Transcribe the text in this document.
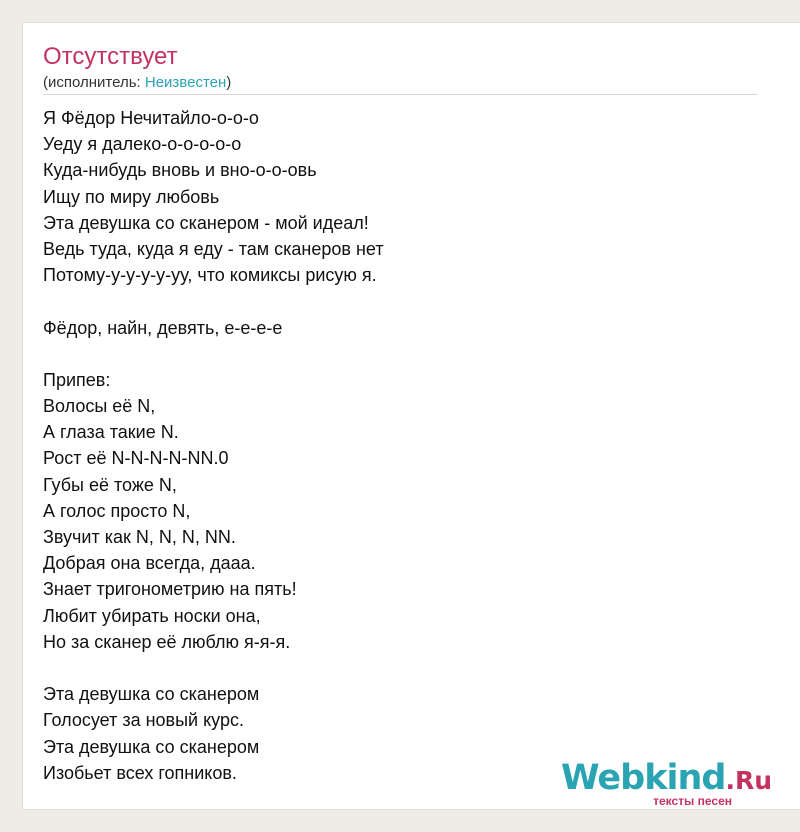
Отсутствует
(исполнитель: Неизвестен)
Я Фёдор Нечитайло-о-о-о
Уеду я далеко-о-о-о-о-о
Куда-нибудь вновь и вно-о-о-овь
Ищу по миру любовь
Эта девушка со сканером - мой идеал!
Ведь туда, куда я еду - там сканеров нет
Потому-у-у-у-у-уу, что комиксы рисую я.
Фёдор, найн, девять, е-е-е-е
Припев:
Волосы её N,
А глаза такие N.
Рост её N-N-N-N-NN.0
Губы её тоже N,
А голос просто N,
Звучит как N, N, N, NN.
Добрая она всегда, дааа.
Знает тригонометрию на пять!
Любит убирать носки она,
Но за сканер её люблю я-я-я.
Эта девушка со сканером
Голосует за новый курс.
Эта девушка со сканером
Изобьет всех гопников.	Webkind.Ru
тексты песен
